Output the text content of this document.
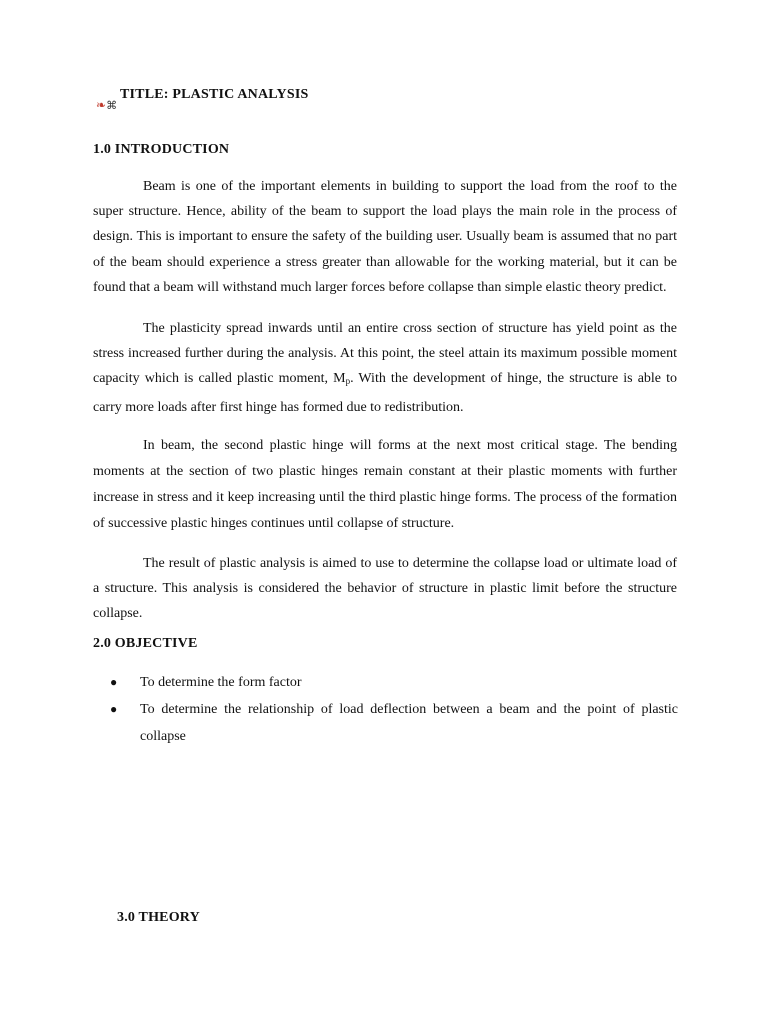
❧⌘
TITLE: PLASTIC ANALYSIS
1.0 INTRODUCTION

Beam is one of the important elements in building to support the load from the roof to the super structure. Hence, ability of the beam to support the load plays the main role in the process of design. This is important to ensure the safety of the building user. Usually beam is assumed that no part of the beam should experience a stress greater than allowable for the working material, but it can be found that a beam will withstand much larger forces before collapse than simple elastic theory predict.

The plasticity spread inwards until an entire cross section of structure has yield point as the stress increased further during the analysis. At this point, the steel attain its maximum possible moment capacity which is called plastic moment, $M_p$. With the development of hinge, the structure is able to carry more loads after first hinge has formed due to redistribution.

In beam, the second plastic hinge will forms at the next most critical stage. The bending moments at the section of two plastic hinges remain constant at their plastic moments with further increase in stress and it keep increasing until the third plastic hinge forms. The process of the formation of successive plastic hinges continues until collapse of structure.

The result of plastic analysis is aimed to use to determine the collapse load or ultimate load of a structure. This analysis is considered the behavior of structure in plastic limit before the structure collapse.

2.0 OBJECTIVE
● To determine the form factor
● To determine the relationship of load deflection between a beam and the point of plastic collapse
3.0 THEORY
